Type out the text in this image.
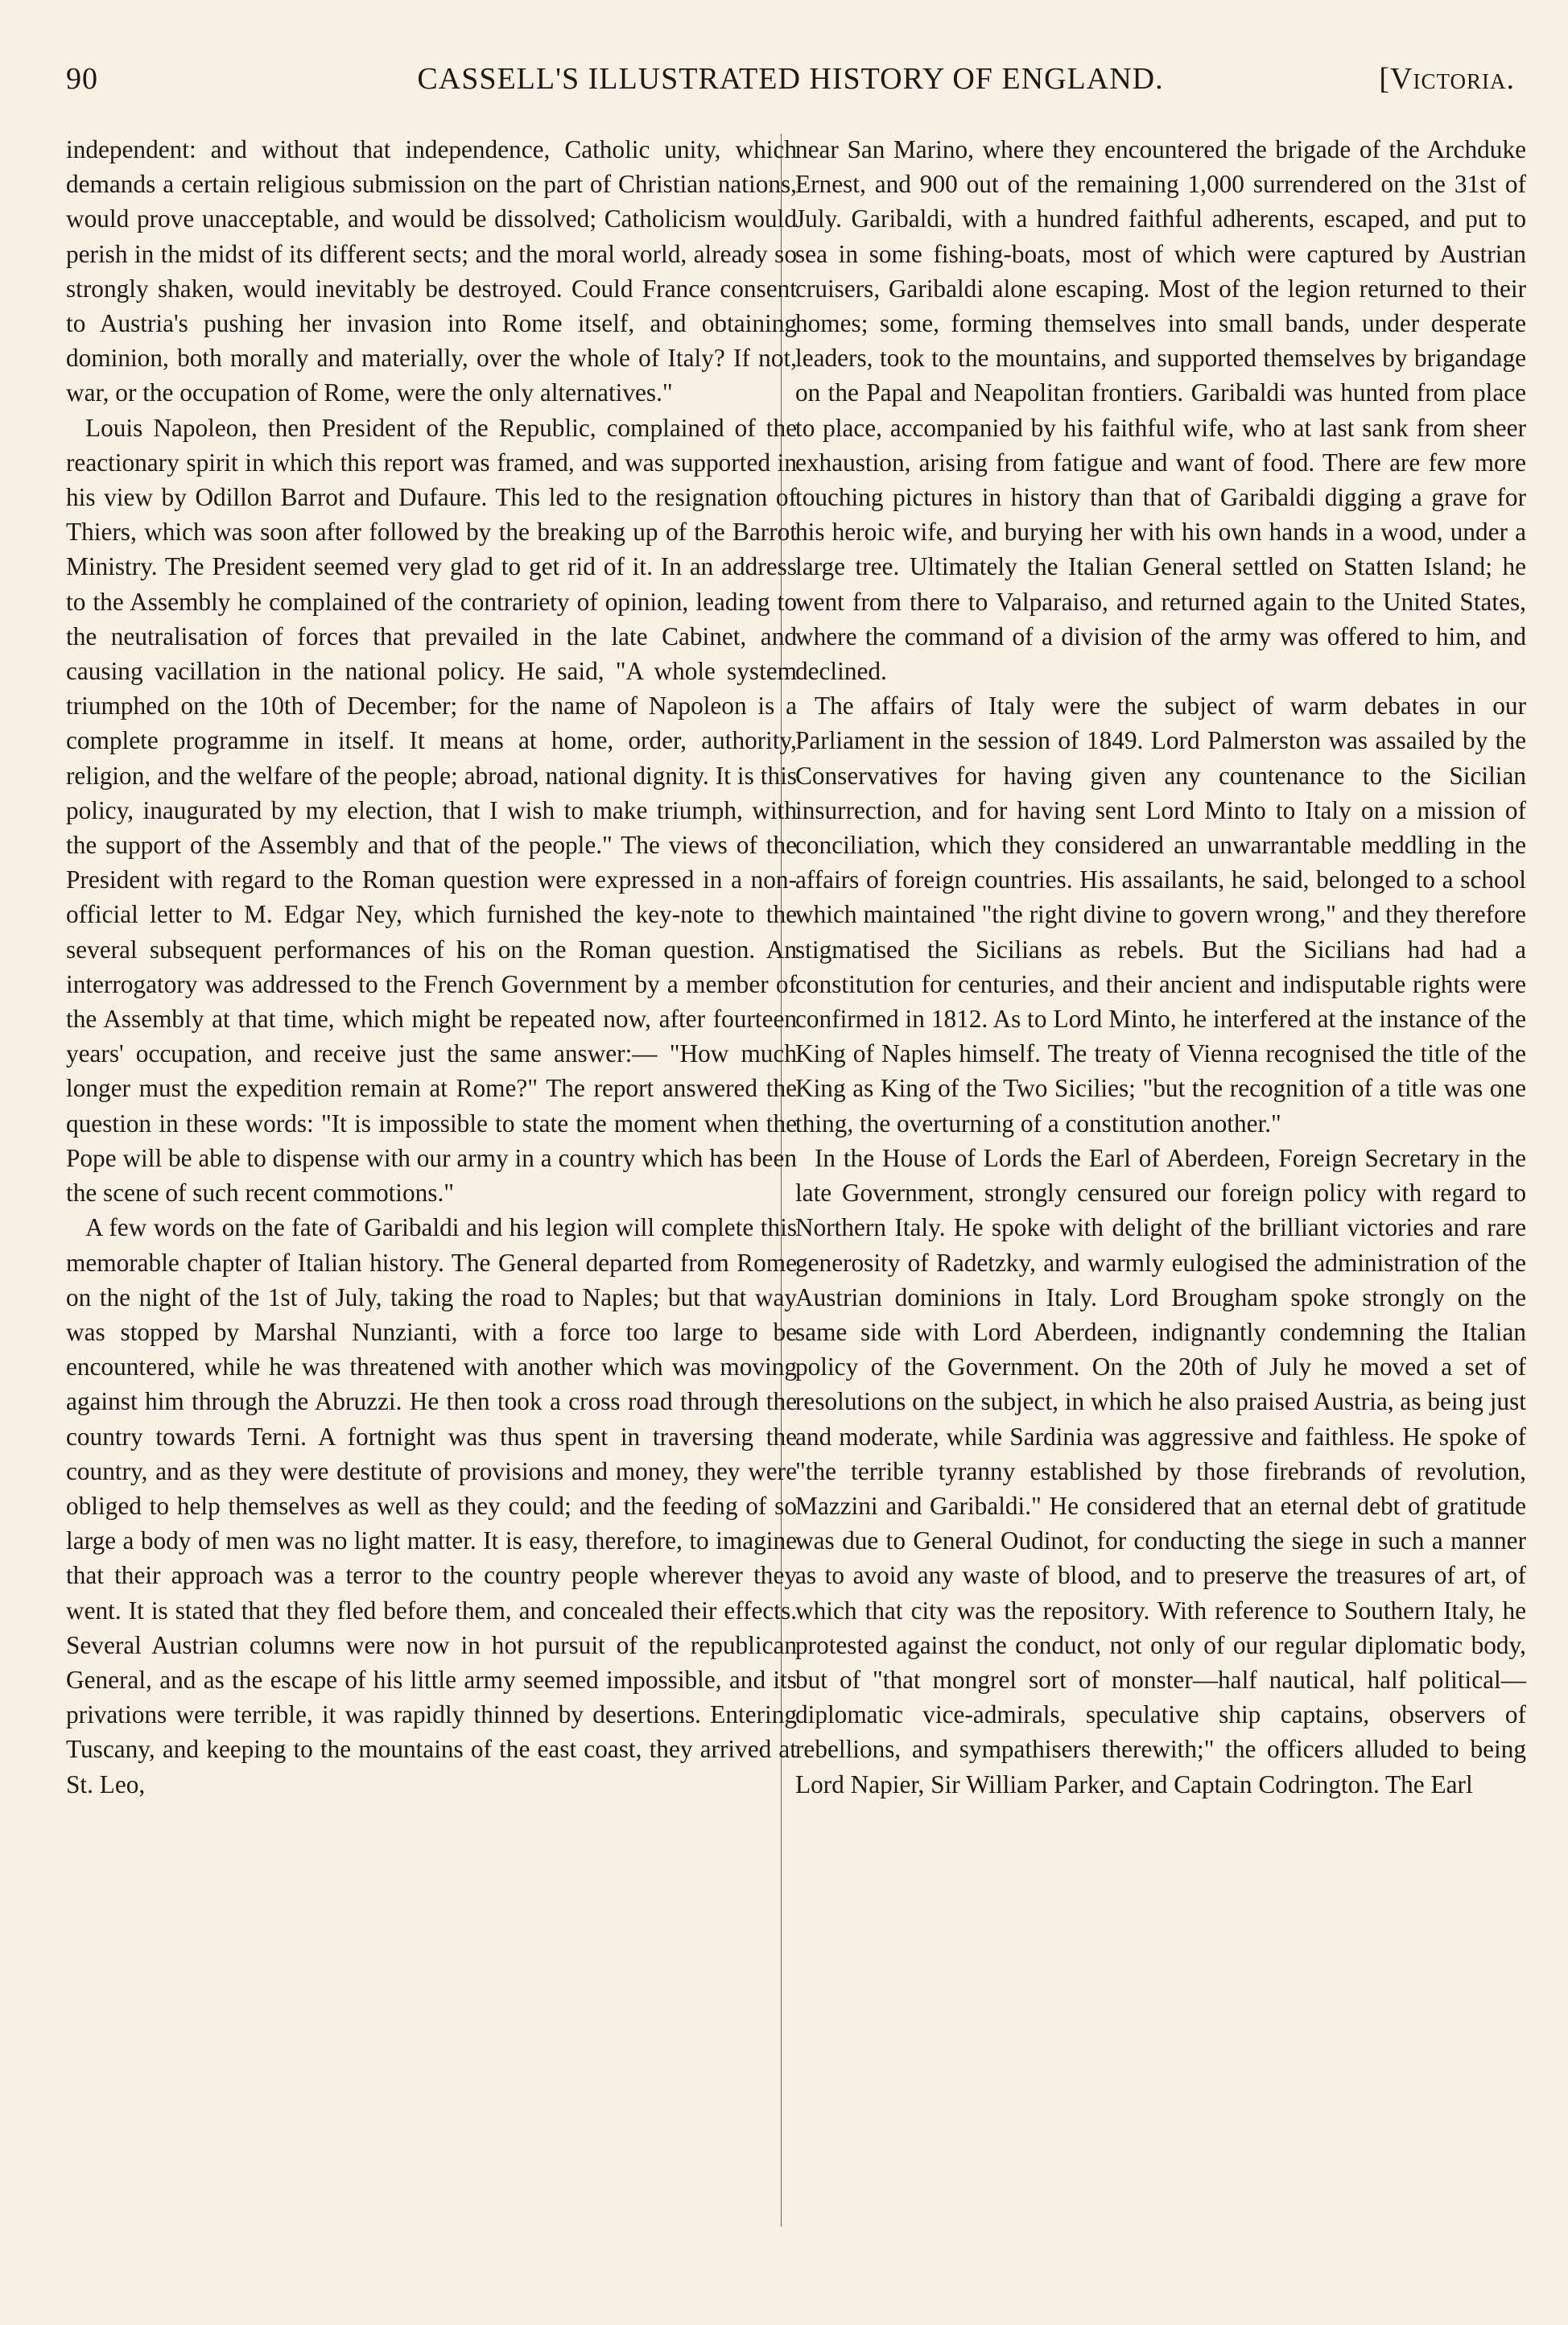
90	CASSELL'S ILLUSTRATED HISTORY OF ENGLAND.	[Victoria.

independent: and without that independence, Catholic unity, which demands a certain religious submission on the part of Christian nations, would prove unacceptable, and would be dissolved; Catholicism would perish in the midst of its different sects; and the moral world, already so strongly shaken, would inevitably be destroyed. Could France consent to Austria's pushing her invasion into Rome itself, and obtaining dominion, both morally and materially, over the whole of Italy? If not, war, or the occupation of Rome, were the only alternatives."

Louis Napoleon, then President of the Republic, complained of the reactionary spirit in which this report was framed, and was supported in his view by Odillon Barrot and Dufaure. This led to the resignation of Thiers, which was soon after followed by the breaking up of the Barrot Ministry. The President seemed very glad to get rid of it. In an address to the Assembly he complained of the contrariety of opinion, leading to the neutralisation of forces that prevailed in the late Cabinet, and causing vacillation in the national policy. He said, "A whole system triumphed on the 10th of December; for the name of Napoleon is a complete programme in itself. It means at home, order, authority, religion, and the welfare of the people; abroad, national dignity. It is this policy, inaugurated by my election, that I wish to make triumph, with the support of the Assembly and that of the people." The views of the President with regard to the Roman question were expressed in a non-official letter to M. Edgar Ney, which furnished the key-note to the several subsequent performances of his on the Roman question. An interrogatory was addressed to the French Government by a member of the Assembly at that time, which might be repeated now, after fourteen years' occupation, and receive just the same answer:— "How much longer must the expedition remain at Rome?" The report answered the question in these words: "It is impossible to state the moment when the Pope will be able to dispense with our army in a country which has been the scene of such recent commotions."

A few words on the fate of Garibaldi and his legion will complete this memorable chapter of Italian history. The General departed from Rome on the night of the 1st of July, taking the road to Naples; but that way was stopped by Marshal Nunzianti, with a force too large to be encountered, while he was threatened with another which was moving against him through the Abruzzi. He then took a cross road through the country towards Terni. A fortnight was thus spent in traversing the country, and as they were destitute of provisions and money, they were obliged to help themselves as well as they could; and the feeding of so large a body of men was no light matter. It is easy, therefore, to imagine that their approach was a terror to the country people wherever they went. It is stated that they fled before them, and concealed their effects. Several Austrian columns were now in hot pursuit of the republican General, and as the escape of his little army seemed impossible, and its privations were terrible, it was rapidly thinned by desertions. Entering Tuscany, and keeping to the mountains of the east coast, they arrived at St. Leo,

near San Marino, where they encountered the brigade of the Archduke Ernest, and 900 out of the remaining 1,000 surrendered on the 31st of July. Garibaldi, with a hundred faithful adherents, escaped, and put to sea in some fishing-boats, most of which were captured by Austrian cruisers, Garibaldi alone escaping. Most of the legion returned to their homes; some, forming themselves into small bands, under desperate leaders, took to the mountains, and supported themselves by brigandage on the Papal and Neapolitan frontiers. Garibaldi was hunted from place to place, accompanied by his faithful wife, who at last sank from sheer exhaustion, arising from fatigue and want of food. There are few more touching pictures in history than that of Garibaldi digging a grave for his heroic wife, and burying her with his own hands in a wood, under a large tree. Ultimately the Italian General settled on Statten Island; he went from there to Valparaiso, and returned again to the United States, where the command of a division of the army was offered to him, and declined.

The affairs of Italy were the subject of warm debates in our Parliament in the session of 1849. Lord Palmerston was assailed by the Conservatives for having given any countenance to the Sicilian insurrection, and for having sent Lord Minto to Italy on a mission of conciliation, which they considered an unwarrantable meddling in the affairs of foreign countries. His assailants, he said, belonged to a school which maintained "the right divine to govern wrong," and they therefore stigmatised the Sicilians as rebels. But the Sicilians had had a constitution for centuries, and their ancient and indisputable rights were confirmed in 1812. As to Lord Minto, he interfered at the instance of the King of Naples himself. The treaty of Vienna recognised the title of the King as King of the Two Sicilies; "but the recognition of a title was one thing, the overturning of a constitution another."

In the House of Lords the Earl of Aberdeen, Foreign Secretary in the late Government, strongly censured our foreign policy with regard to Northern Italy. He spoke with delight of the brilliant victories and rare generosity of Radetzky, and warmly eulogised the administration of the Austrian dominions in Italy. Lord Brougham spoke strongly on the same side with Lord Aberdeen, indignantly condemning the Italian policy of the Government. On the 20th of July he moved a set of resolutions on the subject, in which he also praised Austria, as being just and moderate, while Sardinia was aggressive and faithless. He spoke of "the terrible tyranny established by those firebrands of revolution, Mazzini and Garibaldi." He considered that an eternal debt of gratitude was due to General Oudinot, for conducting the siege in such a manner as to avoid any waste of blood, and to preserve the treasures of art, of which that city was the repository. With reference to Southern Italy, he protested against the conduct, not only of our regular diplomatic body, but of "that mongrel sort of monster—half nautical, half political—diplomatic vice-admirals, speculative ship captains, observers of rebellions, and sympathisers therewith;" the officers alluded to being Lord Napier, Sir William Parker, and Captain Codrington. The Earl
